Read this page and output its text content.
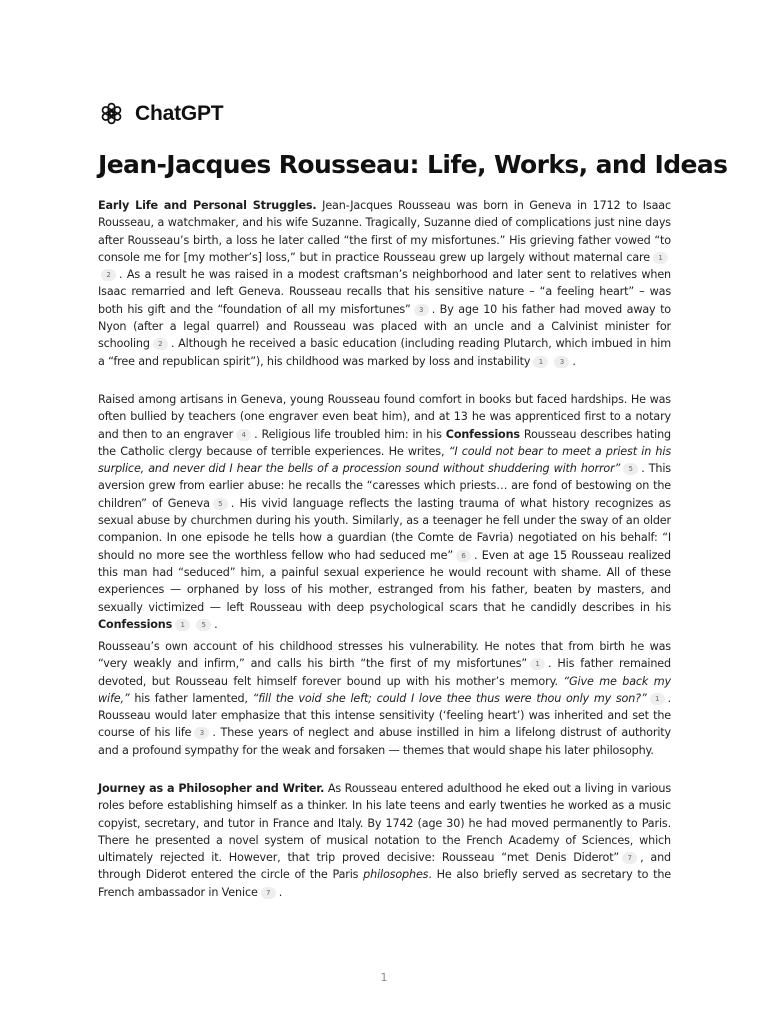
ChatGPT
Jean-Jacques Rousseau: Life, Works, and Ideas

Early Life and Personal Struggles. Jean-Jacques Rousseau was born in Geneva in 1712 to Isaac Rousseau, a watchmaker, and his wife Suzanne. Tragically, Suzanne died of complications just nine days after Rousseau’s birth, a loss he later called “the first of my misfortunes.” His grieving father vowed “to console me for [my mother’s] loss,” but in practice Rousseau grew up largely without maternal care 12 . As a result he was raised in a modest craftsman’s neighborhood and later sent to relatives when Isaac remarried and left Geneva. Rousseau recalls that his sensitive nature – “a feeling heart” – was both his gift and the “foundation of all my misfortunes” 3 . By age 10 his father had moved away to Nyon (after a legal quarrel) and Rousseau was placed with an uncle and a Calvinist minister for schooling 2 . Although he received a basic education (including reading Plutarch, which imbued in him a “free and republican spirit”), his childhood was marked by loss and instability 1 3 .

Raised among artisans in Geneva, young Rousseau found comfort in books but faced hardships. He was often bullied by teachers (one engraver even beat him), and at 13 he was apprenticed first to a notary and then to an engraver 4 . Religious life troubled him: in his Confessions Rousseau describes hating the Catholic clergy because of terrible experiences. He writes, “I could not bear to meet a priest in his surplice, and never did I hear the bells of a procession sound without shuddering with horror” 5 . This aversion grew from earlier abuse: he recalls the “caresses which priests… are fond of bestowing on the children” of Geneva 5 . His vivid language reflects the lasting trauma of what history recognizes as sexual abuse by churchmen during his youth. Similarly, as a teenager he fell under the sway of an older companion. In one episode he tells how a guardian (the Comte de Favria) negotiated on his behalf: “I should no more see the worthless fellow who had seduced me” 6 . Even at age 15 Rousseau realized this man had “seduced” him, a painful sexual experience he would recount with shame. All of these experiences — orphaned by loss of his mother, estranged from his father, beaten by masters, and sexually victimized — left Rousseau with deep psychological scars that he candidly describes in his Confessions 1 5 .

Rousseau’s own account of his childhood stresses his vulnerability. He notes that from birth he was “very weakly and infirm,” and calls his birth “the first of my misfortunes” 1 . His father remained devoted, but Rousseau felt himself forever bound up with his mother’s memory. “Give me back my wife,” his father lamented, “fill the void she left; could I love thee thus were thou only my son?” 1 . Rousseau would later emphasize that this intense sensitivity (‘feeling heart’) was inherited and set the course of his life 3 . These years of neglect and abuse instilled in him a lifelong distrust of authority and a profound sympathy for the weak and forsaken — themes that would shape his later philosophy.

Journey as a Philosopher and Writer. As Rousseau entered adulthood he eked out a living in various roles before establishing himself as a thinker. In his late teens and early twenties he worked as a music copyist, secretary, and tutor in France and Italy. By 1742 (age 30) he had moved permanently to Paris. There he presented a novel system of musical notation to the French Academy of Sciences, which ultimately rejected it. However, that trip proved decisive: Rousseau “met Denis Diderot” 7 , and through Diderot entered the circle of the Paris philosophes. He also briefly served as secretary to the French ambassador in Venice 7 .

1
